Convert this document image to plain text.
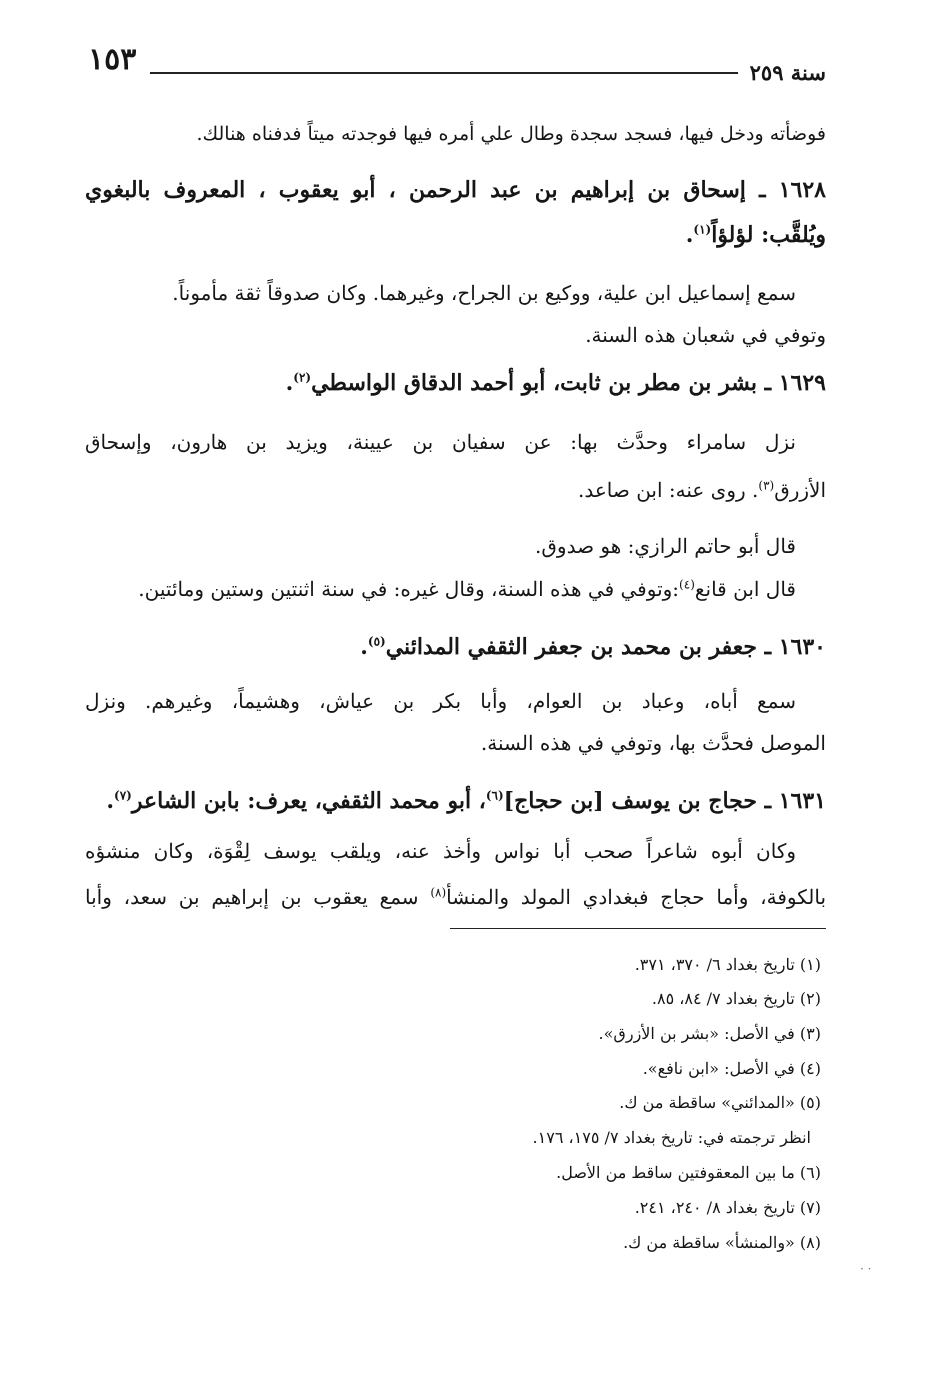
سنة ٢٥٩
١٥٣
فوضأته ودخل فيها، فسجد سجدة وطال علي أمره فيها فوجدته ميتاً فدفناه هنالك.
١٦٢٨ ـ إسحاق بن إبراهيم بن عبد الرحمن ، أبو يعقوب ، المعروف بالبغوي
ويُلقَّب: لؤلؤاً$^{(١)}$.
سمع إسماعيل ابن علية، ووكيع بن الجراح، وغيرهما. وكان صدوقاً ثقة مأموناً.
وتوفي في شعبان هذه السنة.
١٦٢٩ ـ بشر بن مطر بن ثابت، أبو أحمد الدقاق الواسطي$^{(٢)}$.
نزل سامراء وحدَّث بها: عن سفيان بن عيينة، ويزيد بن هارون، وإسحاق
الأزرق$^{(٣)}$. روى عنه: ابن صاعد.
قال أبو حاتم الرازي: هو صدوق.
قال ابن قانع$^{(٤)}$:وتوفي في هذه السنة، وقال غيره: في سنة اثنتين وستين ومائتين.
١٦٣٠ ـ جعفر بن محمد بن جعفر الثقفي المدائني$^{(٥)}$.
سمع أباه، وعباد بن العوام، وأبا بكر بن عياش، وهشيماً، وغيرهم. ونزل
الموصل فحدَّث بها، وتوفي في هذه السنة.
١٦٣١ ـ حجاج بن يوسف [بن حجاج]$^{(٦)}$، أبو محمد الثقفي، يعرف: بابن الشاعر$^{(٧)}$.
وكان أبوه شاعراً صحب أبا نواس وأخذ عنه، ويلقب يوسف لِقْوَة، وكان منشؤه
بالكوفة، وأما حجاج فبغدادي المولد والمنشأ$^{(٨)}$ سمع يعقوب بن إبراهيم بن سعد، وأبا
(١) تاريخ بغداد ٦/ ٣٧٠، ٣٧١.
(٢) تاريخ بغداد ٧/ ٨٤، ٨٥.
(٣) في الأصل: «بشر بن الأزرق».
(٤) في الأصل: «ابن نافع».
(٥) «المدائني» ساقطة من ك.
انظر ترجمته في: تاريخ بغداد ٧/ ١٧٥، ١٧٦.
(٦) ما بين المعقوفتين ساقط من الأصل.
(٧) تاريخ بغداد ٨/ ٢٤٠، ٢٤١.
(٨) «والمنشأ» ساقطة من ك.
· ·
